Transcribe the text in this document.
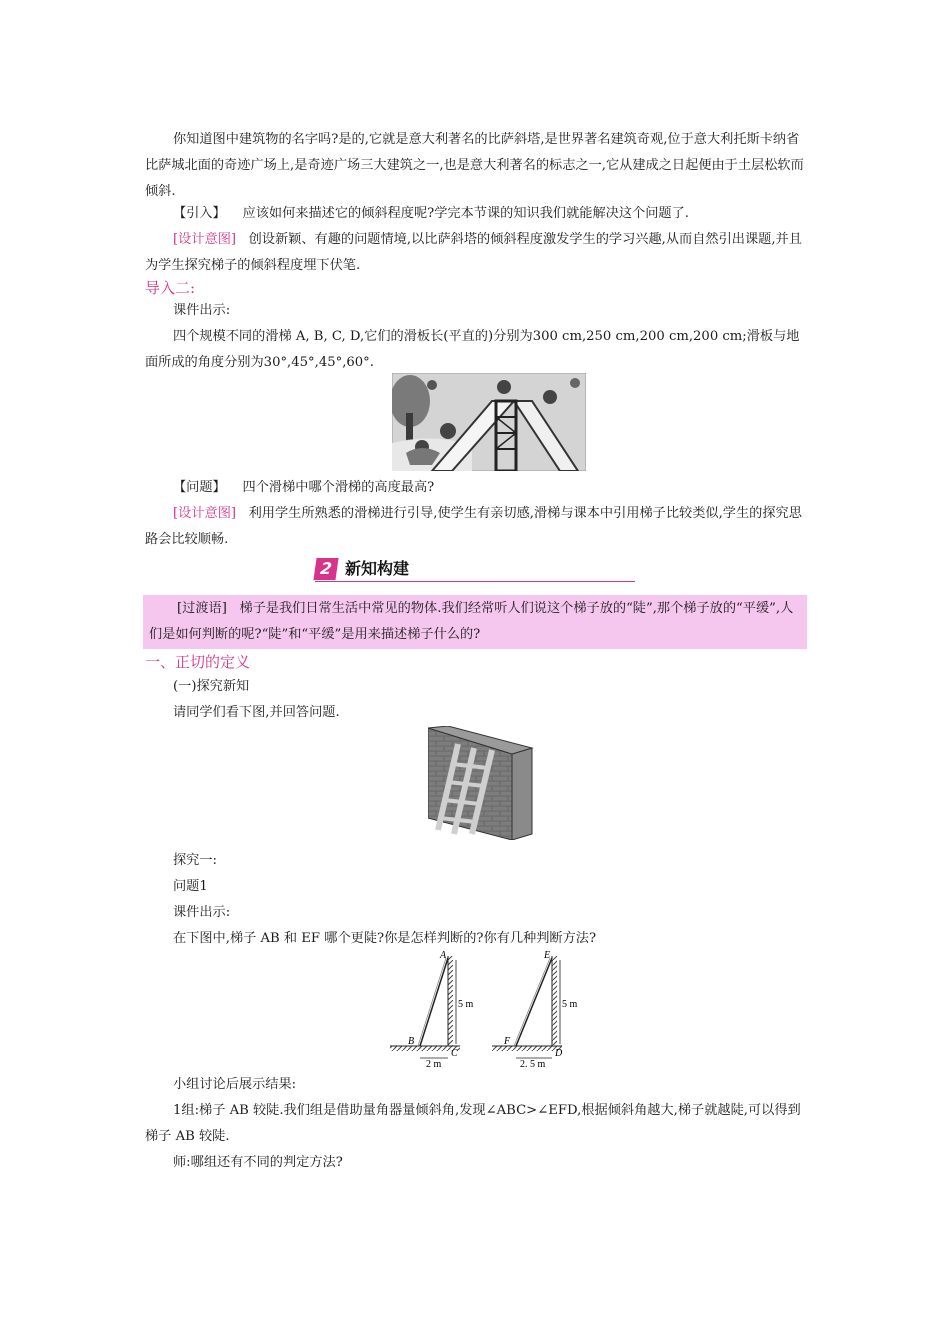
你知道图中建筑物的名字吗?是的,它就是意大利著名的比萨斜塔,是世界著名建筑奇观,位于意大利托斯卡纳省比萨城北面的奇迹广场上,是奇迹广场三大建筑之一,也是意大利著名的标志之一,它从建成之日起便由于土层松软而倾斜.

【引入】 应该如何来描述它的倾斜程度呢?学完本节课的知识我们就能解决这个问题了.

[设计意图] 创设新颖、有趣的问题情境,以比萨斜塔的倾斜程度激发学生的学习兴趣,从而自然引出课题,并且为学生探究梯子的倾斜程度埋下伏笔.

导入二:

课件出示:

四个规模不同的滑梯 A, B, C, D,它们的滑板长(平直的)分别为300 cm,250 cm,200 cm,200 cm;滑板与地面所成的角度分别为30°,45°,45°,60°.

【问题】 四个滑梯中哪个滑梯的高度最高?

[设计意图] 利用学生所熟悉的滑梯进行引导,使学生有亲切感,滑梯与课本中引用梯子比较类似,学生的探究思路会比较顺畅.

2 新知构建

[过渡语] 梯子是我们日常生活中常见的物体.我们经常听人们说这个梯子放的“陡”,那个梯子放的“平缓”,人们是如何判断的呢?“陡”和“平缓”是用来描述梯子什么的?

一、正切的定义

(一)探究新知

请同学们看下图,并回答问题.

探究一:

问题1

课件出示:

在下图中,梯子 AB 和 EF 哪个更陡?你是怎样判断的?你有几种判断方法?

A
B
C
5 m
2 m
E
F
D
5 m
2. 5 m

小组讨论后展示结果:

1组:梯子 AB 较陡.我们组是借助量角器量倾斜角,发现∠ABC>∠EFD,根据倾斜角越大,梯子就越陡,可以得到梯子 AB 较陡.

师:哪组还有不同的判定方法?
